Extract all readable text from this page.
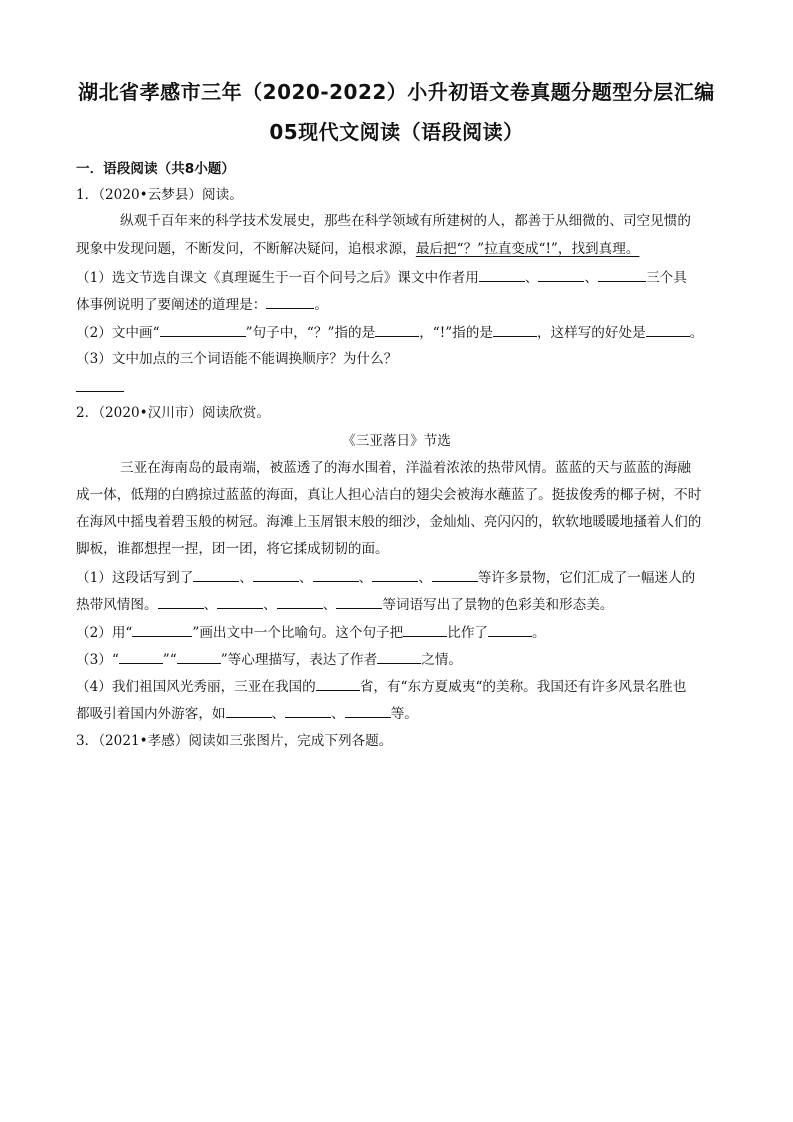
湖北省孝感市三年（2020-2022）小升初语文卷真题分题型分层汇编
05现代文阅读（语段阅读）
一．语段阅读（共8小题）
1．（2020•云梦县）阅读。
纵观千百年来的科学技术发展史，那些在科学领域有所建树的人，都善于从细微的、司空见惯的
现象中发现问题，不断发问，不断解决疑问，追根求源，最后把“？”拉直变成“!”，找到真理。
（1）选文节选自课文《真理诞生于一百个问号之后》课文中作者用	、	、	三个具
体事例说明了要阐述的道理是：	。
（2）文中画“	”句子中，“？”指的是	，“!”指的是	，这样写的好处是	。
（3）文中加点的三个词语能不能调换顺序？为什么？
2．（2020•汉川市）阅读欣赏。
《三亚落日》节选
三亚在海南岛的最南端，被蓝透了的海水围着，洋溢着浓浓的热带风情。蓝蓝的天与蓝蓝的海融
成一体，低翔的白鸥掠过蓝蓝的海面，真让人担心洁白的翅尖会被海水蘸蓝了。挺拔俊秀的椰子树，不时
在海风中摇曳着碧玉般的树冠。海滩上玉屑银末般的细沙，金灿灿、亮闪闪的，软软地暖暖地搔着人们的
脚板，谁都想捏一捏，团一团，将它揉成韧韧的面。
（1）这段话写到了	、	、	、	、	等许多景物，它们汇成了一幅迷人的
热带风情图。	、	、	、	等词语写出了景物的色彩美和形态美。
（2）用“	”画出文中一个比喻句。这个句子把	比作了	。
（3）“	”“	”等心理描写，表达了作者	之情。
（4）我们祖国风光秀丽，三亚在我国的	省，有“东方夏威夷“的美称。我国还有许多风景名胜也
都吸引着国内外游客，如	、	、	等。
3．（2021•孝感）阅读如三张图片，完成下列各题。
